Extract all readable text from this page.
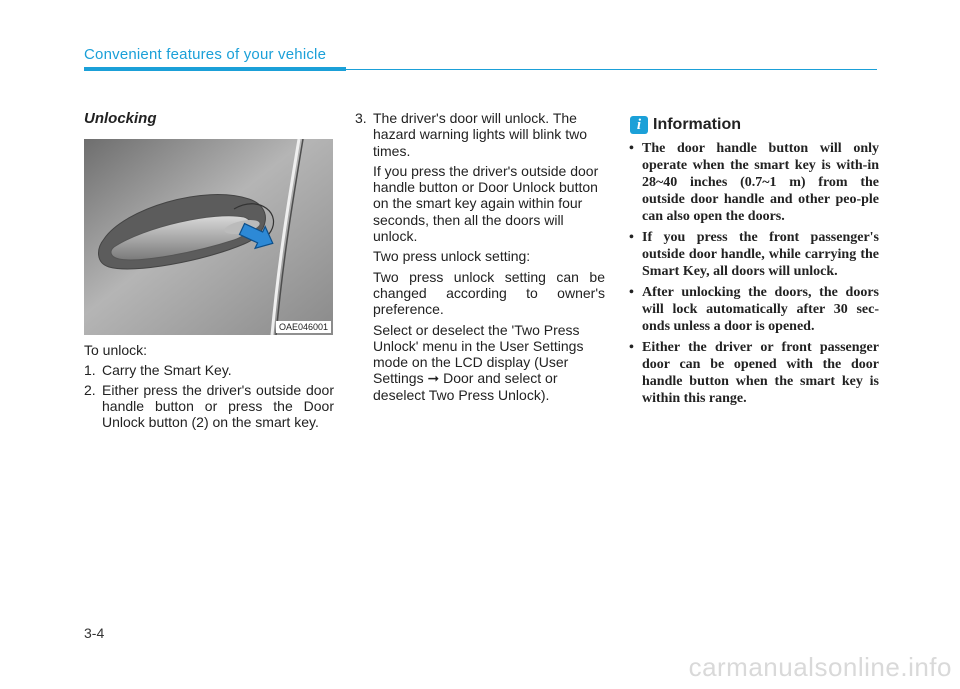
Convenient features of your vehicle
Unlocking
OAE046001

To unlock:

1. Carry the Smart Key.
2. Either press the driver's outside door handle button or press the Door Unlock button (2) on the smart key.
3. The driver's door will unlock. The hazard warning lights will blink two times.

If you press the driver's outside door handle button or Door Unlock button on the smart key again within four seconds, then all the doors will unlock.

Two press unlock setting:

Two press unlock setting can be changed according to owner's preference.

Select or deselect the 'Two Press Unlock' menu in the User Settings mode on the LCD display (User Settings ➞ Door and select or deselect Two Press Unlock).

i Information
• The door handle button will only operate when the smart key is with-in 28~40 inches (0.7~1 m) from the outside door handle and other peo-ple can also open the doors.
• If you press the front passenger's outside door handle, while carrying the Smart Key, all doors will unlock.
• After unlocking the doors, the doors will lock automatically after 30 sec-onds unless a door is opened.
• Either the driver or front passenger door can be opened with the door handle button when the smart key is within this range.
3-4
carmanualsonline.info
